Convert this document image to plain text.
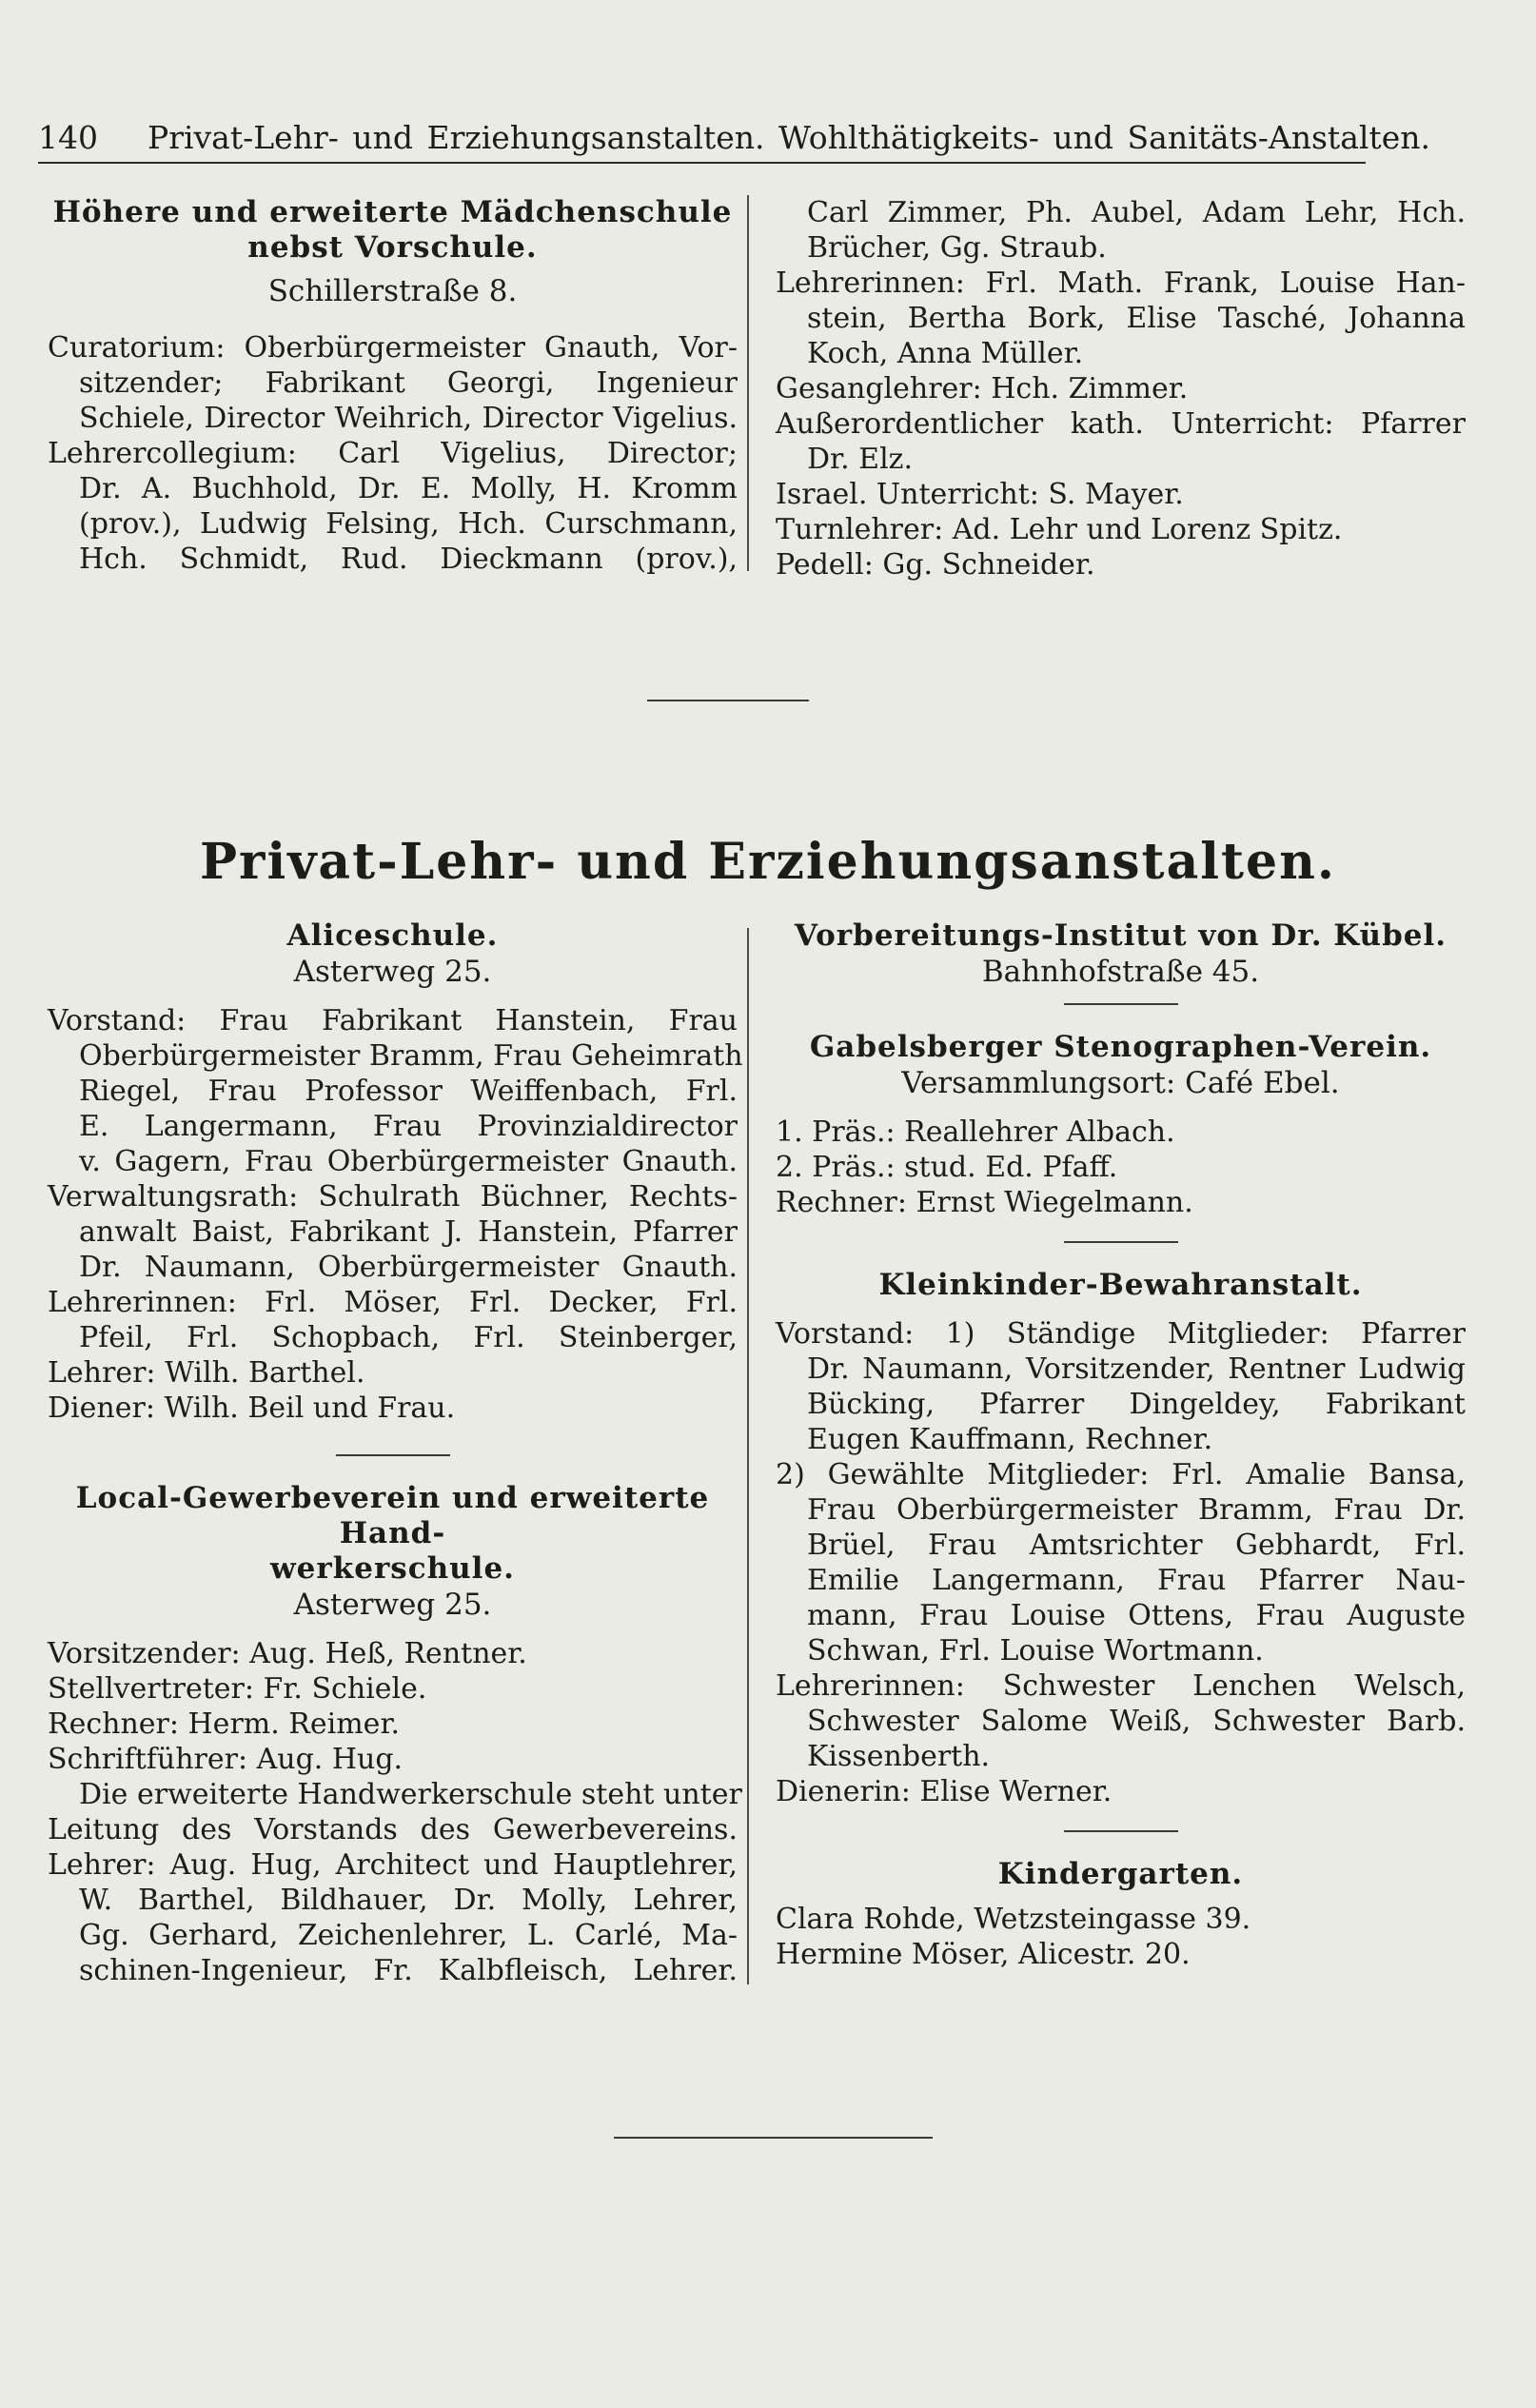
140 Privat-Lehr- und Erziehungsanstalten. Wohlthätigkeits- und Sanitäts-Anstalten.
Höhere und erweiterte Mädchenschule
nebst Vorschule.
Schillerstraße 8.
Curatorium: Oberbürgermeister Gnauth, Vor-
sitzender; Fabrikant Georgi, Ingenieur
Schiele, Director Weihrich, Director Vigelius.
Lehrercollegium: Carl Vigelius, Director;
Dr. A. Buchhold, Dr. E. Molly, H. Kromm
(prov.), Ludwig Felsing, Hch. Curschmann,
Hch. Schmidt, Rud. Dieckmann (prov.),
Carl Zimmer, Ph. Aubel, Adam Lehr, Hch.
Brücher, Gg. Straub.
Lehrerinnen: Frl. Math. Frank, Louise Han-
stein, Bertha Bork, Elise Tasché, Johanna
Koch, Anna Müller.
Gesanglehrer: Hch. Zimmer.
Außerordentlicher kath. Unterricht: Pfarrer
Dr. Elz.
Israel. Unterricht: S. Mayer.
Turnlehrer: Ad. Lehr und Lorenz Spitz.
Pedell: Gg. Schneider.
Privat-Lehr- und Erziehungsanstalten.
Aliceschule.
Asterweg 25.
Vorstand: Frau Fabrikant Hanstein, Frau
Oberbürgermeister Bramm, Frau Geheimrath
Riegel, Frau Professor Weiffenbach, Frl.
E. Langermann, Frau Provinzialdirector
v. Gagern, Frau Oberbürgermeister Gnauth.
Verwaltungsrath: Schulrath Büchner, Rechts-
anwalt Baist, Fabrikant J. Hanstein, Pfarrer
Dr. Naumann, Oberbürgermeister Gnauth.
Lehrerinnen: Frl. Möser, Frl. Decker, Frl.
Pfeil, Frl. Schopbach, Frl. Steinberger,
Lehrer: Wilh. Barthel.
Diener: Wilh. Beil und Frau.
Local-Gewerbeverein und erweiterte Hand-
werkerschule.
Asterweg 25.
Vorsitzender: Aug. Heß, Rentner.
Stellvertreter: Fr. Schiele.
Rechner: Herm. Reimer.
Schriftführer: Aug. Hug.
Die erweiterte Handwerkerschule steht unter
Leitung des Vorstands des Gewerbevereins.
Lehrer: Aug. Hug, Architect und Hauptlehrer,
W. Barthel, Bildhauer, Dr. Molly, Lehrer,
Gg. Gerhard, Zeichenlehrer, L. Carlé, Ma-
schinen-Ingenieur, Fr. Kalbfleisch, Lehrer.
Vorbereitungs-Institut von Dr. Kübel.
Bahnhofstraße 45.
Gabelsberger Stenographen-Verein.
Versammlungsort: Café Ebel.
1. Präs.: Reallehrer Albach.
2. Präs.: stud. Ed. Pfaff.
Rechner: Ernst Wiegelmann.
Kleinkinder-Bewahranstalt.
Vorstand: 1) Ständige Mitglieder: Pfarrer
Dr. Naumann, Vorsitzender, Rentner Ludwig
Bücking, Pfarrer Dingeldey, Fabrikant
Eugen Kauffmann, Rechner.
2) Gewählte Mitglieder: Frl. Amalie Bansa,
Frau Oberbürgermeister Bramm, Frau Dr.
Brüel, Frau Amtsrichter Gebhardt, Frl.
Emilie Langermann, Frau Pfarrer Nau-
mann, Frau Louise Ottens, Frau Auguste
Schwan, Frl. Louise Wortmann.
Lehrerinnen: Schwester Lenchen Welsch,
Schwester Salome Weiß, Schwester Barb.
Kissenberth.
Dienerin: Elise Werner.
Kindergarten.
Clara Rohde, Wetzsteingasse 39.
Hermine Möser, Alicestr. 20.
